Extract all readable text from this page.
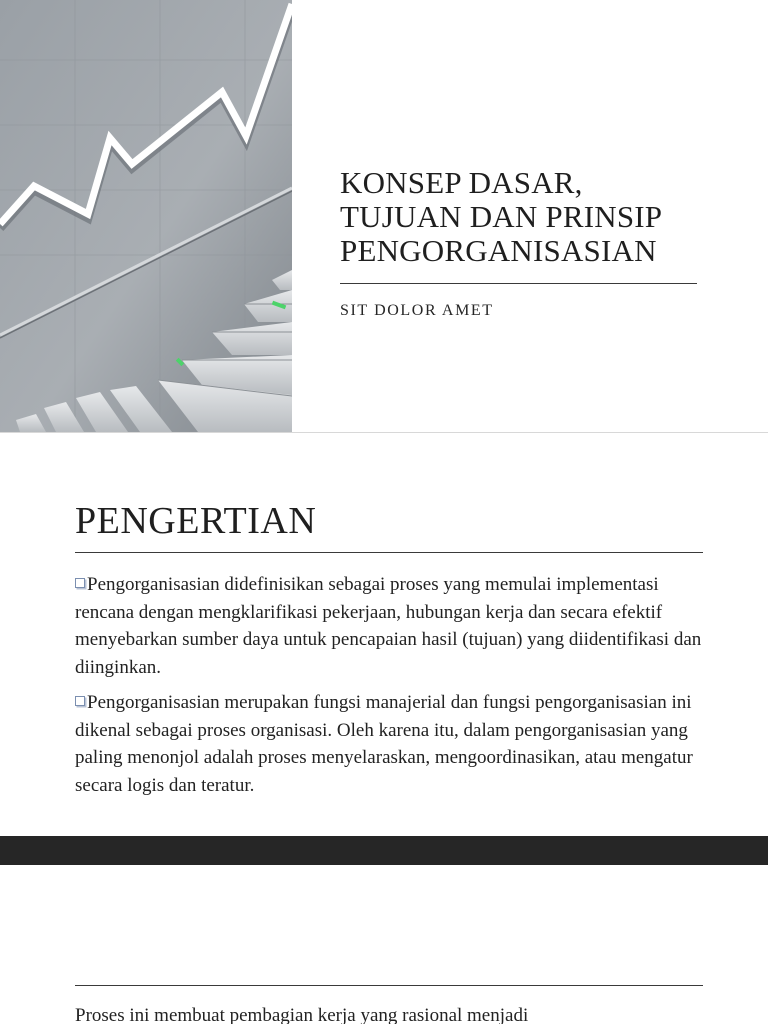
KONSEP DASAR,
TUJUAN DAN PRINSIP
PENGORGANISASIAN
SIT DOLOR AMET
PENGERTIAN

Pengorganisasian didefinisikan sebagai proses yang memulai implementasi rencana dengan mengklarifikasi pekerjaan, hubungan kerja dan secara efektif menyebarkan sumber daya untuk pencapaian hasil (tujuan) yang diidentifikasi dan diinginkan.

Pengorganisasian merupakan fungsi manajerial dan fungsi pengorganisasian ini dikenal sebagai proses organisasi. Oleh karena itu, dalam pengorganisasian yang paling menonjol adalah proses menyelaraskan, mengoordinasikan, atau mengatur secara logis dan teratur.

Proses ini membuat pembagian kerja yang rasional menjadi
